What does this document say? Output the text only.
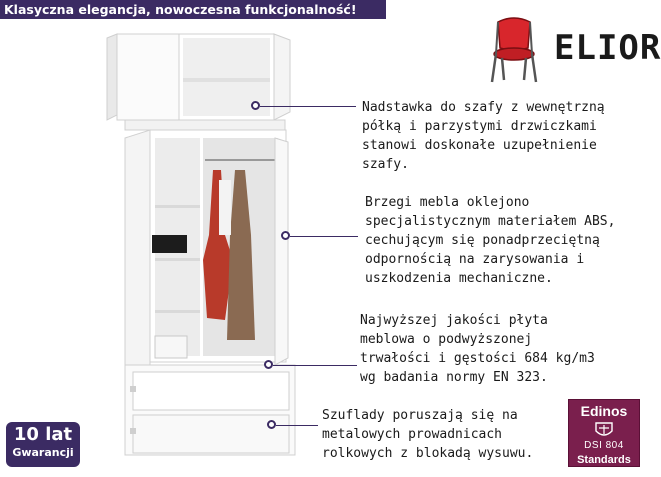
Klasyczna elegancja, nowoczesna funkcjonalność!
ELIOR
Nadstawka do szafy z wewnętrzną
półką i parzystymi drzwiczkami
stanowi doskonałe uzupełnienie
szafy.
Brzegi mebla oklejono
specjalistycznym materiałem ABS,
cechującym się ponadprzeciętną
odpornością na zarysowania i
uszkodzenia mechaniczne.
Najwyższej jakości płyta
meblowa o podwyższonej
trwałości i gęstości 684 kg/m3
wg badania normy EN 323.
Szuflady poruszają się na
metalowych prowadnicach
rolkowych z blokadą wysuwu.
10 lat
Gwarancji
Edinos
DSI 804
Standards
